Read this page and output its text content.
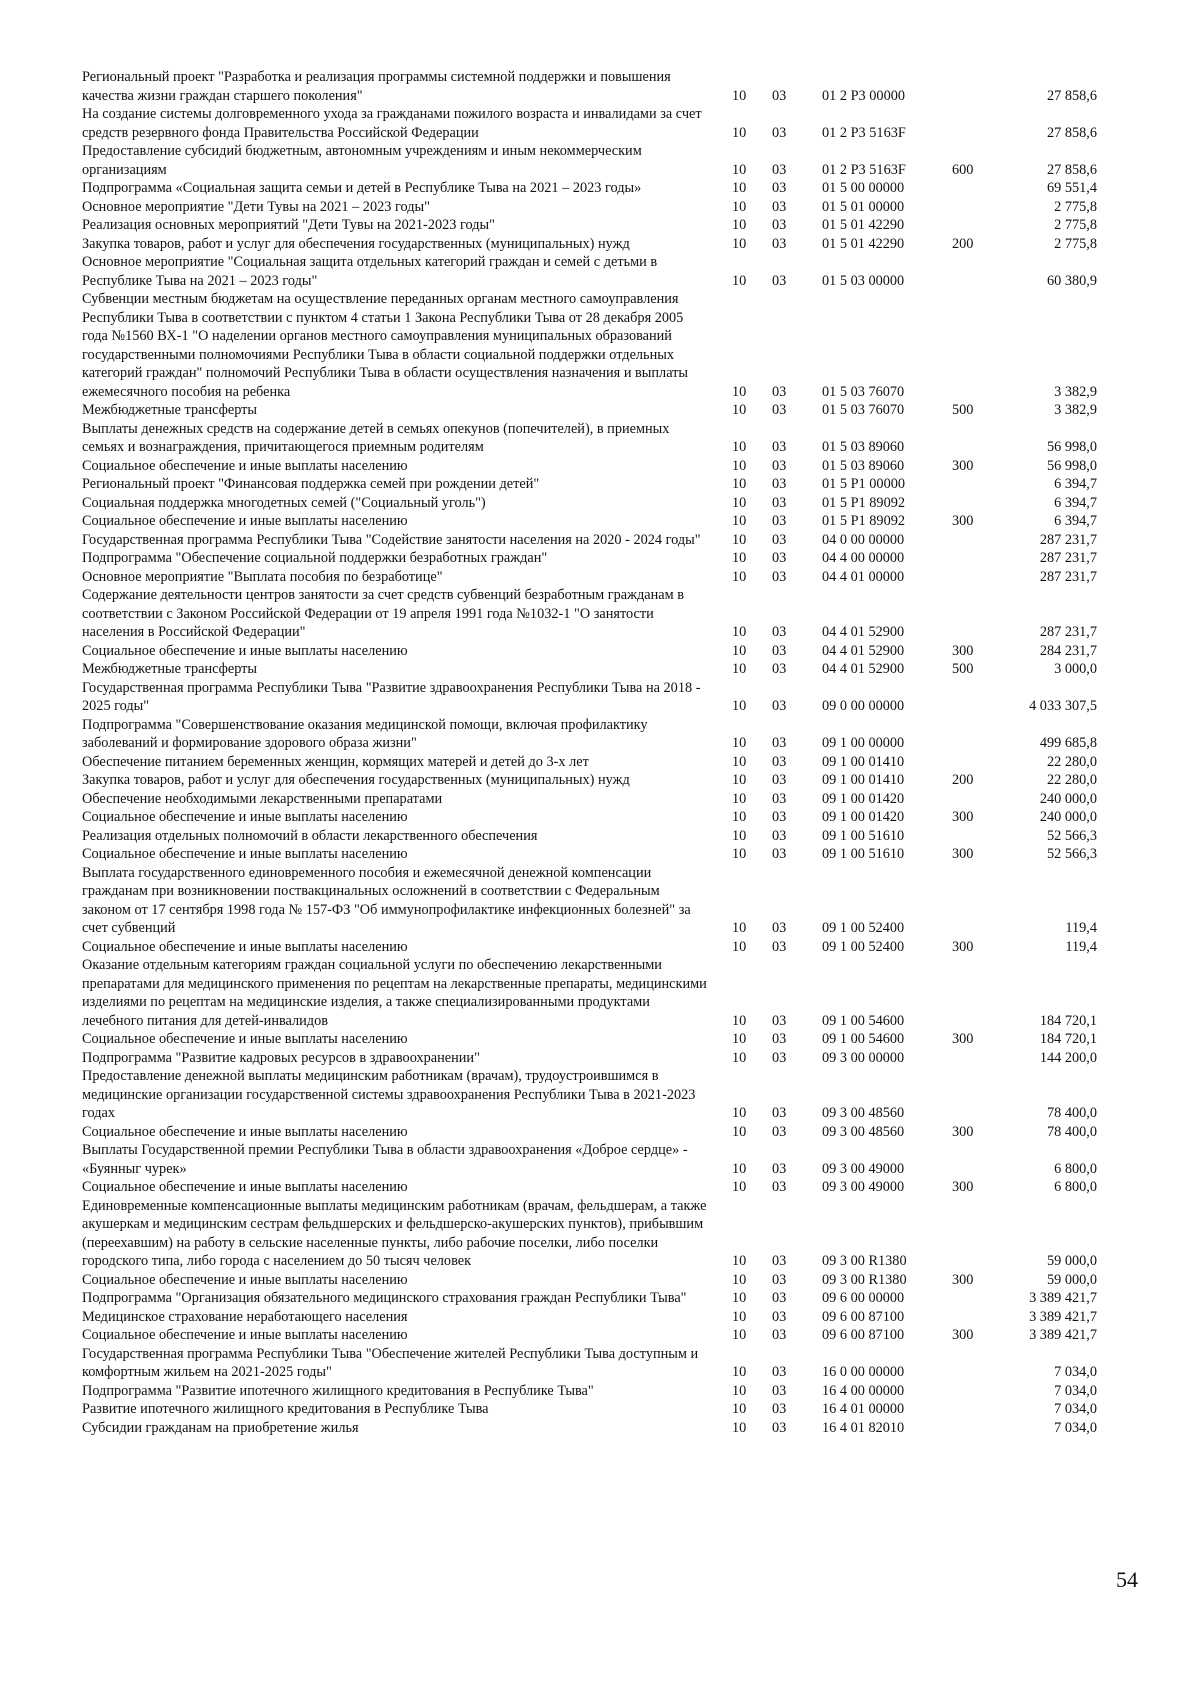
Региональный проект "Разработка и реализация программы системной поддержки и повышения качества жизни граждан старшего поколения"	10 03 01 2 Р3 00000	27 858,6
На создание системы долговременного ухода за гражданами пожилого возраста и инвалидами за счет средств резервного фонда Правительства Российской Федерации	10 03 01 2 Р3 5163F	27 858,6
Предоставление субсидий бюджетным, автономным учреждениям и иным некоммерческим организациям	10 03 01 2 Р3 5163F	600	27 858,6
Подпрограмма «Социальная защита семьи и детей в Республике Тыва на 2021 – 2023 годы»	10 03 01 5 00 00000	69 551,4
Основное мероприятие "Дети Тувы на 2021 – 2023 годы"	10 03 01 5 01 00000	2 775,8
Реализация основных мероприятий "Дети Тувы на 2021-2023 годы"	10 03 01 5 01 42290	2 775,8
Закупка товаров, работ и услуг для обеспечения государственных (муниципальных) нужд	10 03 01 5 01 42290	200	2 775,8
Основное мероприятие "Социальная защита отдельных категорий граждан и семей с детьми в Республике Тыва на 2021 – 2023 годы"	10 03 01 5 03 00000	60 380,9
Субвенции местным бюджетам на осуществление переданных органам местного самоуправления Республики Тыва в соответствии с пунктом 4 статьи 1 Закона Республики Тыва от 28 декабря 2005 года №1560 ВХ-1 "О наделении органов местного самоуправления муниципальных образований государственными полномочиями Республики Тыва в области социальной поддержки отдельных категорий граждан" полномочий Республики Тыва в области осуществления назначения и выплаты ежемесячного пособия на ребенка	10 03 01 5 03 76070	3 382,9
Межбюджетные трансферты	10 03 01 5 03 76070	500	3 382,9
Выплаты денежных средств на содержание детей в семьях опекунов (попечителей), в приемных семьях и вознаграждения, причитающегося приемным родителям	10 03 01 5 03 89060	56 998,0
Социальное обеспечение и иные выплаты населению	10 03 01 5 03 89060	300	56 998,0
Региональный проект "Финансовая поддержка семей при рождении детей"	10 03 01 5 Р1 00000	6 394,7
Социальная поддержка многодетных семей ("Социальный уголь")	10 03 01 5 Р1 89092	6 394,7
Социальное обеспечение и иные выплаты населению	10 03 01 5 Р1 89092	300	6 394,7
Государственная программа Республики Тыва "Содействие занятости населения на 2020 - 2024 годы"	10 03 04 0 00 00000	287 231,7
Подпрограмма "Обеспечение социальной поддержки безработных граждан"	10 03 04 4 00 00000	287 231,7
Основное мероприятие "Выплата пособия по безработице"	10 03 04 4 01 00000	287 231,7
Содержание деятельности центров занятости за счет средств субвенций безработным гражданам в соответствии с Законом Российской Федерации от 19 апреля 1991 года №1032-1 "О занятости населения в Российской Федерации"	10 03 04 4 01 52900	287 231,7
Социальное обеспечение и иные выплаты населению	10 03 04 4 01 52900	300	284 231,7
Межбюджетные трансферты	10 03 04 4 01 52900	500	3 000,0
Государственная программа Республики Тыва "Развитие здравоохранения Республики Тыва на 2018 - 2025 годы"	10 03 09 0 00 00000	4 033 307,5
Подпрограмма "Совершенствование оказания медицинской помощи, включая профилактику заболеваний и формирование здорового образа жизни"	10 03 09 1 00 00000	499 685,8
Обеспечение питанием беременных женщин, кормящих матерей и детей до 3-х лет	10 03 09 1 00 01410	22 280,0
Закупка товаров, работ и услуг для обеспечения государственных (муниципальных) нужд	10 03 09 1 00 01410	200	22 280,0
Обеспечение необходимыми лекарственными препаратами	10 03 09 1 00 01420	240 000,0
Социальное обеспечение и иные выплаты населению	10 03 09 1 00 01420	300	240 000,0
Реализация отдельных полномочий в области лекарственного обеспечения	10 03 09 1 00 51610	52 566,3
Социальное обеспечение и иные выплаты населению	10 03 09 1 00 51610	300	52 566,3
Выплата государственного единовременного пособия и ежемесячной денежной компенсации гражданам при возникновении поствакцинальных осложнений в соответствии с Федеральным законом от 17 сентября 1998 года № 157-ФЗ "Об иммунопрофилактике инфекционных болезней" за счет субвенций	10 03 09 1 00 52400	119,4
Социальное обеспечение и иные выплаты населению	10 03 09 1 00 52400	300	119,4
Оказание отдельным категориям граждан социальной услуги по обеспечению лекарственными препаратами для медицинского применения по рецептам на лекарственные препараты, медицинскими изделиями по рецептам на медицинские изделия, а также специализированными продуктами лечебного питания для детей-инвалидов	10 03 09 1 00 54600	184 720,1
Социальное обеспечение и иные выплаты населению	10 03 09 1 00 54600	300	184 720,1
Подпрограмма "Развитие кадровых ресурсов в здравоохранении"	10 03 09 3 00 00000	144 200,0
Предоставление денежной выплаты медицинским работникам (врачам), трудоустроившимся в медицинские организации государственной системы здравоохранения Республики Тыва в 2021-2023 годах	10 03 09 3 00 48560	78 400,0
Социальное обеспечение и иные выплаты населению	10 03 09 3 00 48560	300	78 400,0
Выплаты Государственной премии Республики Тыва в области здравоохранения «Доброе сердце» - «Буянныг чурек»	10 03 09 3 00 49000	6 800,0
Социальное обеспечение и иные выплаты населению	10 03 09 3 00 49000	300	6 800,0
Единовременные компенсационные выплаты медицинским работникам (врачам, фельдшерам, а также акушеркам и медицинским сестрам фельдшерских и фельдшерско-акушерских пунктов), прибывшим (переехавшим) на работу в сельские населенные пункты, либо рабочие поселки, либо поселки городского типа, либо города с населением до 50 тысяч человек	10 03 09 3 00 R1380	59 000,0
Социальное обеспечение и иные выплаты населению	10 03 09 3 00 R1380	300	59 000,0
Подпрограмма "Организация обязательного медицинского страхования граждан Республики Тыва"	10 03 09 6 00 00000	3 389 421,7
Медицинское страхование неработающего населения	10 03 09 6 00 87100	3 389 421,7
Социальное обеспечение и иные выплаты населению	10 03 09 6 00 87100	300	3 389 421,7
Государственная программа Республики Тыва "Обеспечение жителей Республики Тыва доступным и комфортным жильем на 2021-2025 годы"	10 03 16 0 00 00000	7 034,0
Подпрограмма "Развитие ипотечного жилищного кредитования в Республике Тыва"	10 03 16 4 00 00000	7 034,0
Развитие ипотечного жилищного кредитования в Республике Тыва	10 03 16 4 01 00000	7 034,0
Субсидии гражданам на приобретение жилья	10 03 16 4 01 82010	7 034,0
54
